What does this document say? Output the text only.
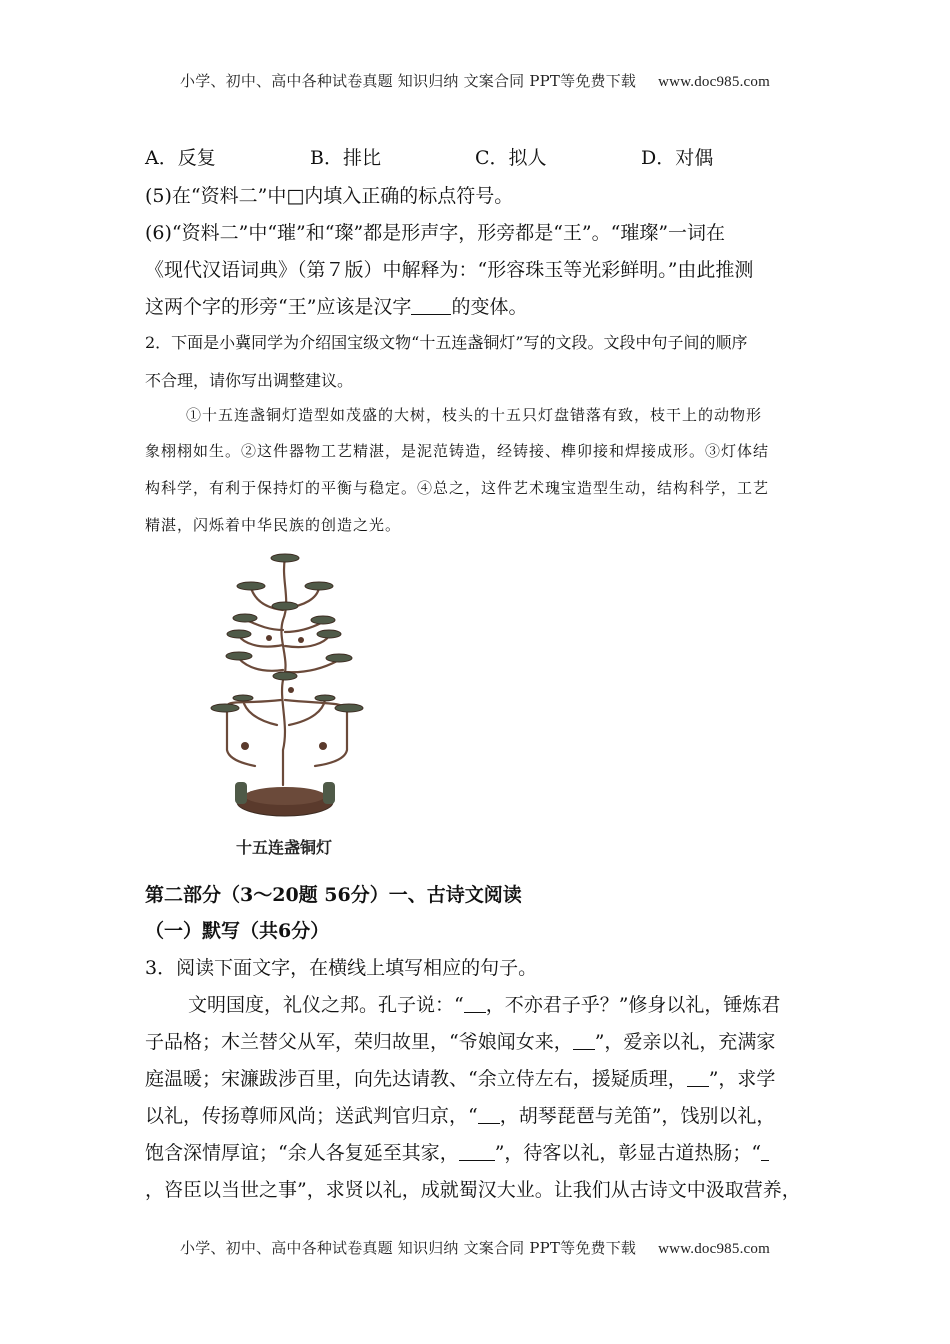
小学、初中、高中各种试卷真题 知识归纳 文案合同 PPT等免费下载 www.doc985.com
A．反复	B．排比	C．拟人	D．对偶
(5)在“资料二”中□内填入正确的标点符号。
(6)“资料二”中“璀”和“璨”都是形声字，形旁都是“王”。“璀璨”一词在
《现代汉语词典》（第７版）中解释为：“形容珠玉等光彩鲜明。”由此推测
这两个字的形旁“王”应该是汉字 的变体。
2．下面是小冀同学为介绍国宝级文物“十五连盏铜灯”写的文段。文段中句子间的顺序
不合理，请你写出调整建议。
①十五连盏铜灯造型如茂盛的大树，枝头的十五只灯盘错落有致，枝干上的动物形
象栩栩如生。②这件器物工艺精湛，是泥范铸造，经铸接、榫卯接和焊接成形。③灯体结
构科学，有利于保持灯的平衡与稳定。④总之，这件艺术瑰宝造型生动，结构科学，工艺
精湛，闪烁着中华民族的创造之光。
第二部分（3～20题 56分）一、古诗文阅读
（一）默写（共6分）
3．阅读下面文字，在横线上填写相应的句子。
文明国度，礼仪之邦。孔子说：“ ，不亦君子乎？”修身以礼，锤炼君
子品格；木兰替父从军，荣归故里，“爷娘闻女来， ”，爱亲以礼，充满家
庭温暖；宋濂跋涉百里，向先达请教、“余立侍左右，援疑质理， ”，求学
以礼，传扬尊师风尚；送武判官归京，“ ，胡琴琵琶与羌笛”，饯别以礼，
饱含深情厚谊；“余人各复延至其家， ”，待客以礼，彰显古道热肠；“
，咨臣以当世之事”，求贤以礼，成就蜀汉大业。让我们从古诗文中汲取营养，
十五连盏铜灯
小学、初中、高中各种试卷真题 知识归纳 文案合同 PPT等免费下载 www.doc985.com
